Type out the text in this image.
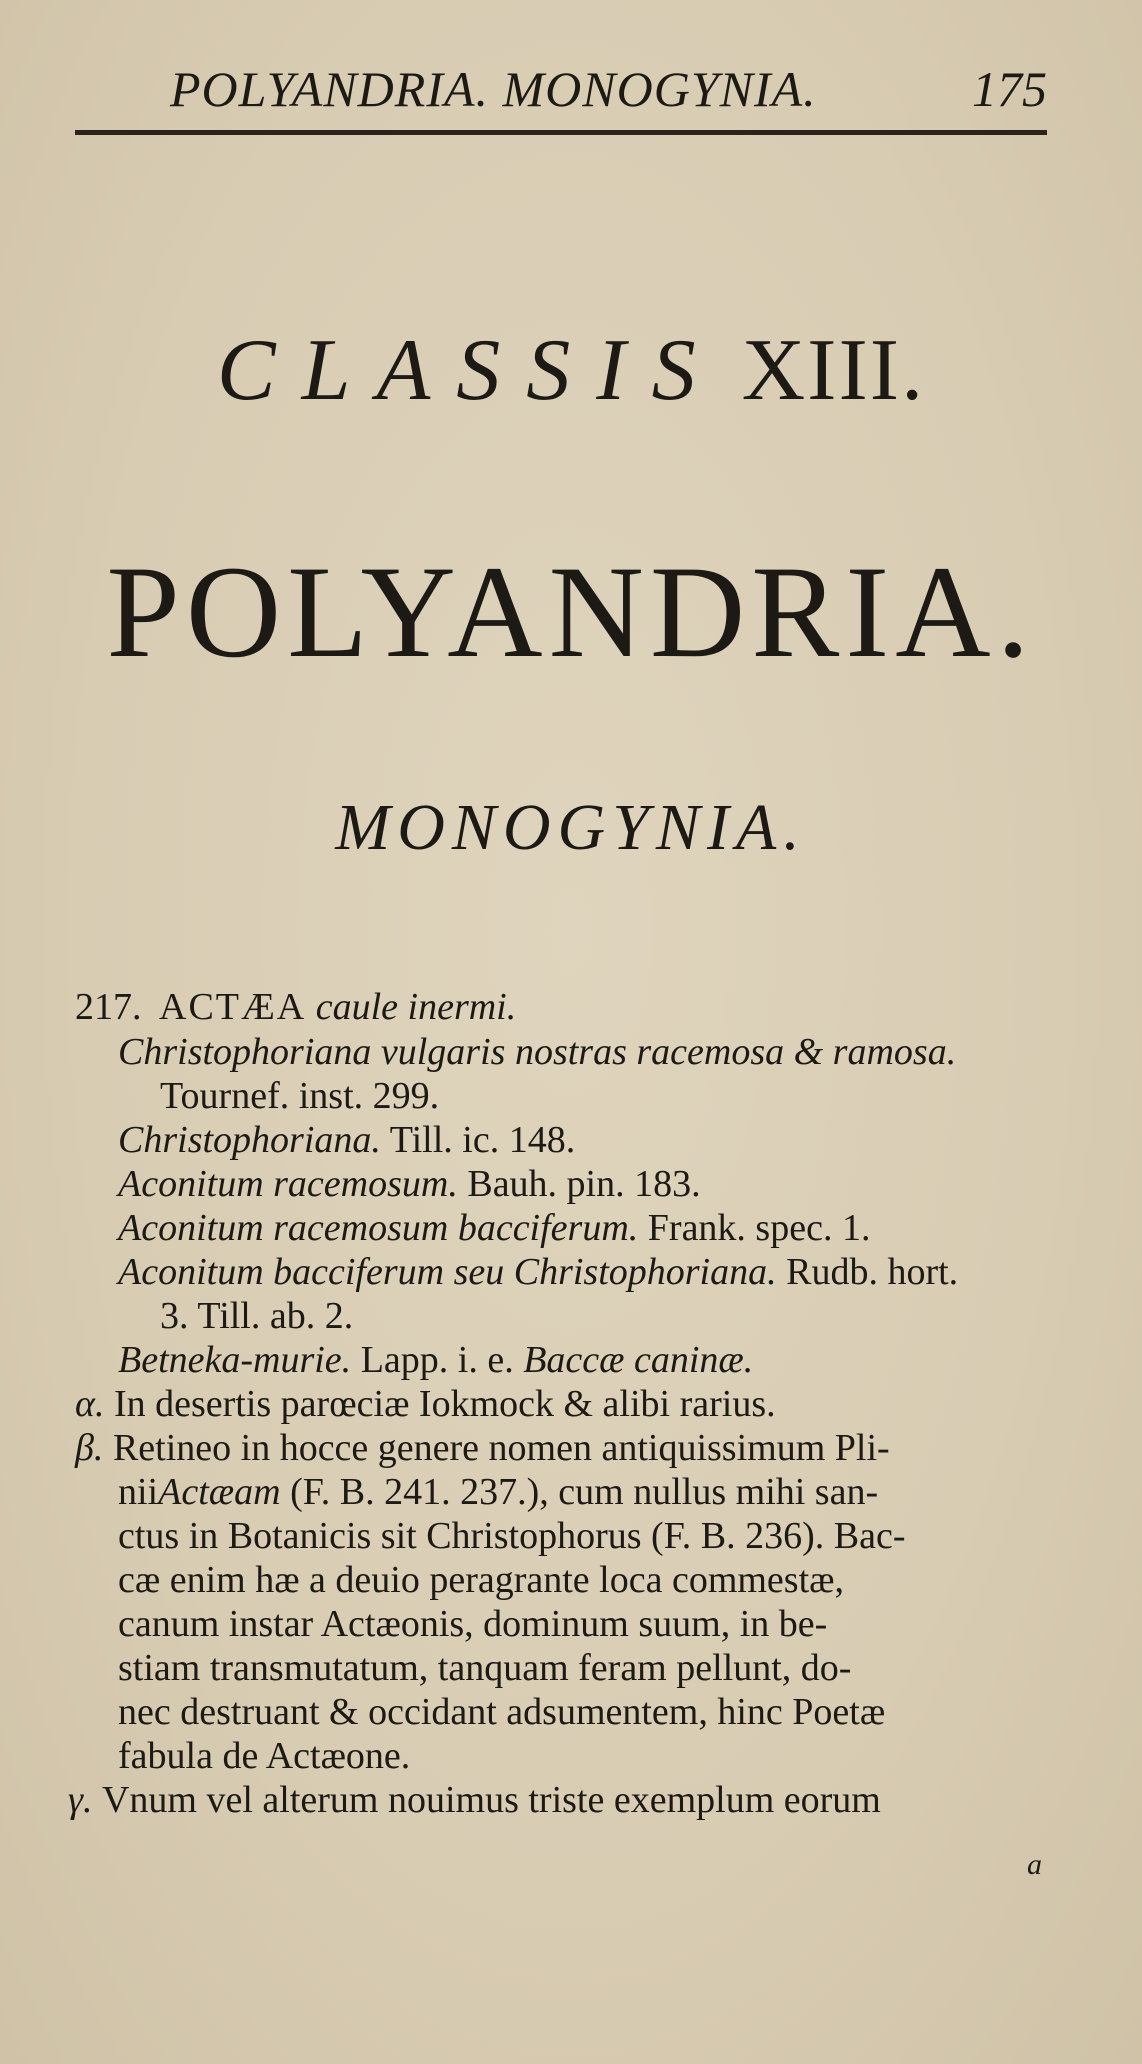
POLYANDRIA. MONOGYNIA.	175
CLASSIS XIII.
POLYANDRIA.
MONOGYNIA.
217. ACTÆA caule inermi.
Christophoriana vulgaris nostras racemosa & ramosa.
Tournef. inst. 299.
Christophoriana. Till. ic. 148.
Aconitum racemosum. Bauh. pin. 183.
Aconitum racemosum bacciferum. Frank. spec. 1.
Aconitum bacciferum seu Christophoriana. Rudb. hort.
3. Till. ab. 2.
Betneka-murie. Lapp. i. e. Baccæ caninæ.
α. In desertis parœciæ Iokmock & alibi rarius.
β. Retineo in hocce genere nomen antiquissimum Pli-
niiActæam (F. B. 241. 237.), cum nullus mihi san-
ctus in Botanicis sit Christophorus (F. B. 236). Bac-
cæ enim hæ a deuio peragrante loca commestæ,
canum instar Actæonis, dominum suum, in be-
stiam transmutatum, tanquam feram pellunt, do-
nec destruant & occidant adsumentem, hinc Poetæ
fabula de Actæone.
γ. Vnum vel alterum nouimus triste exemplum eorum
a
